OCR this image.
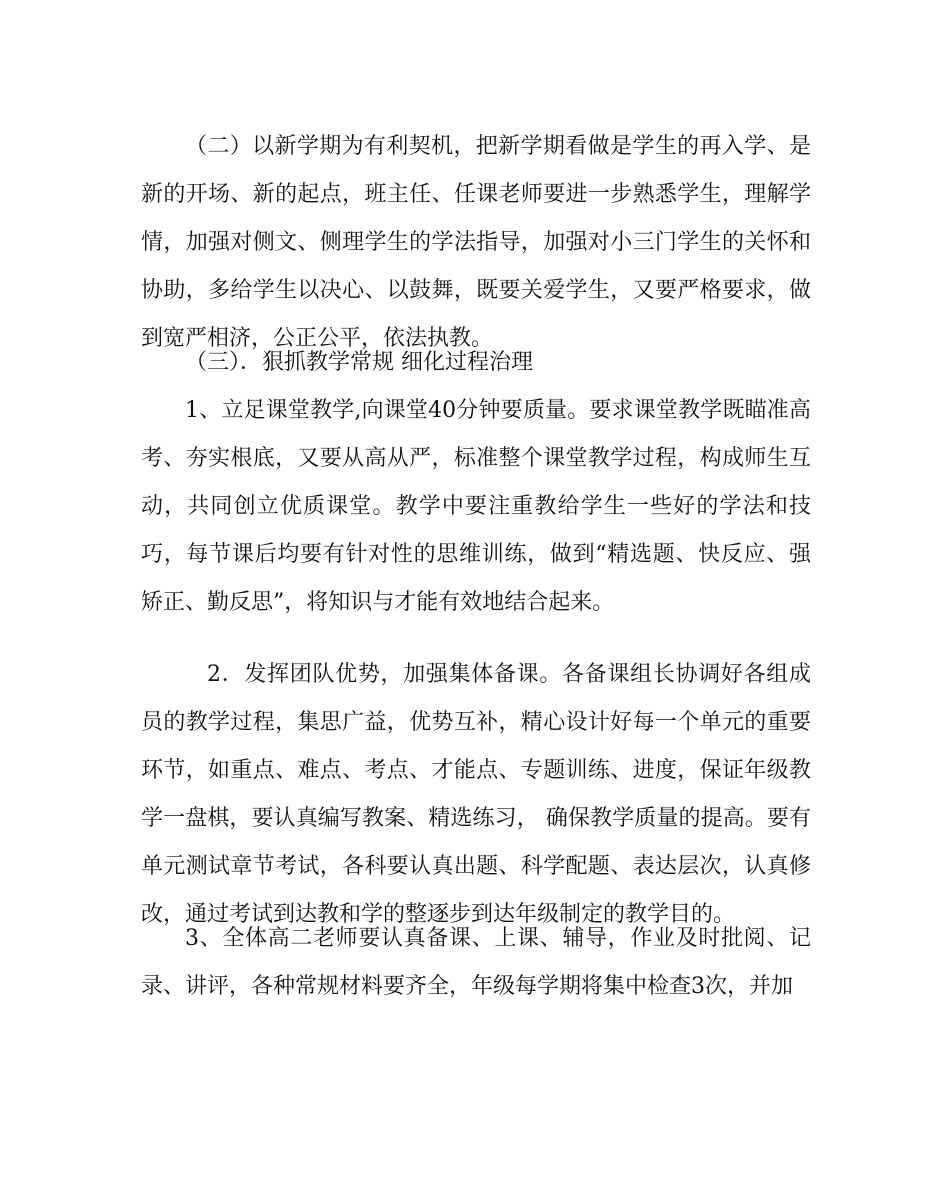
（二）以新学期为有利契机，把新学期看做是学生的再入学、是新的开场、新的起点，班主任、任课老师要进一步熟悉学生，理解学情，加强对侧文、侧理学生的学法指导，加强对小三门学生的关怀和协助，多给学生以决心、以鼓舞，既要关爱学生，又要严格要求，做到宽严相济，公正公平，依法执教。

（三）．狠抓教学常规 细化过程治理

1、立足课堂教学,向课堂40分钟要质量。要求课堂教学既瞄准高考、夯实根底，又要从高从严，标准整个课堂教学过程，构成师生互动，共同创立优质课堂。教学中要注重教给学生一些好的学法和技巧，每节课后均要有针对性的思维训练，做到“精选题、快反应、强矫正、勤反思”，将知识与才能有效地结合起来。

2．发挥团队优势，加强集体备课。各备课组长协调好各组成员的教学过程，集思广益，优势互补，精心设计好每一个单元的重要环节，如重点、难点、考点、才能点、专题训练、进度，保证年级教学一盘棋，要认真编写教案、精选练习， 确保教学质量的提高。要有单元测试章节考试，各科要认真出题、科学配题、表达层次，认真修改，通过考试到达教和学的整逐步到达年级制定的教学目的。

3、全体高二老师要认真备课、上课、辅导，作业及时批阅、记录、讲评，各种常规材料要齐全，年级每学期将集中检查3次，并加
